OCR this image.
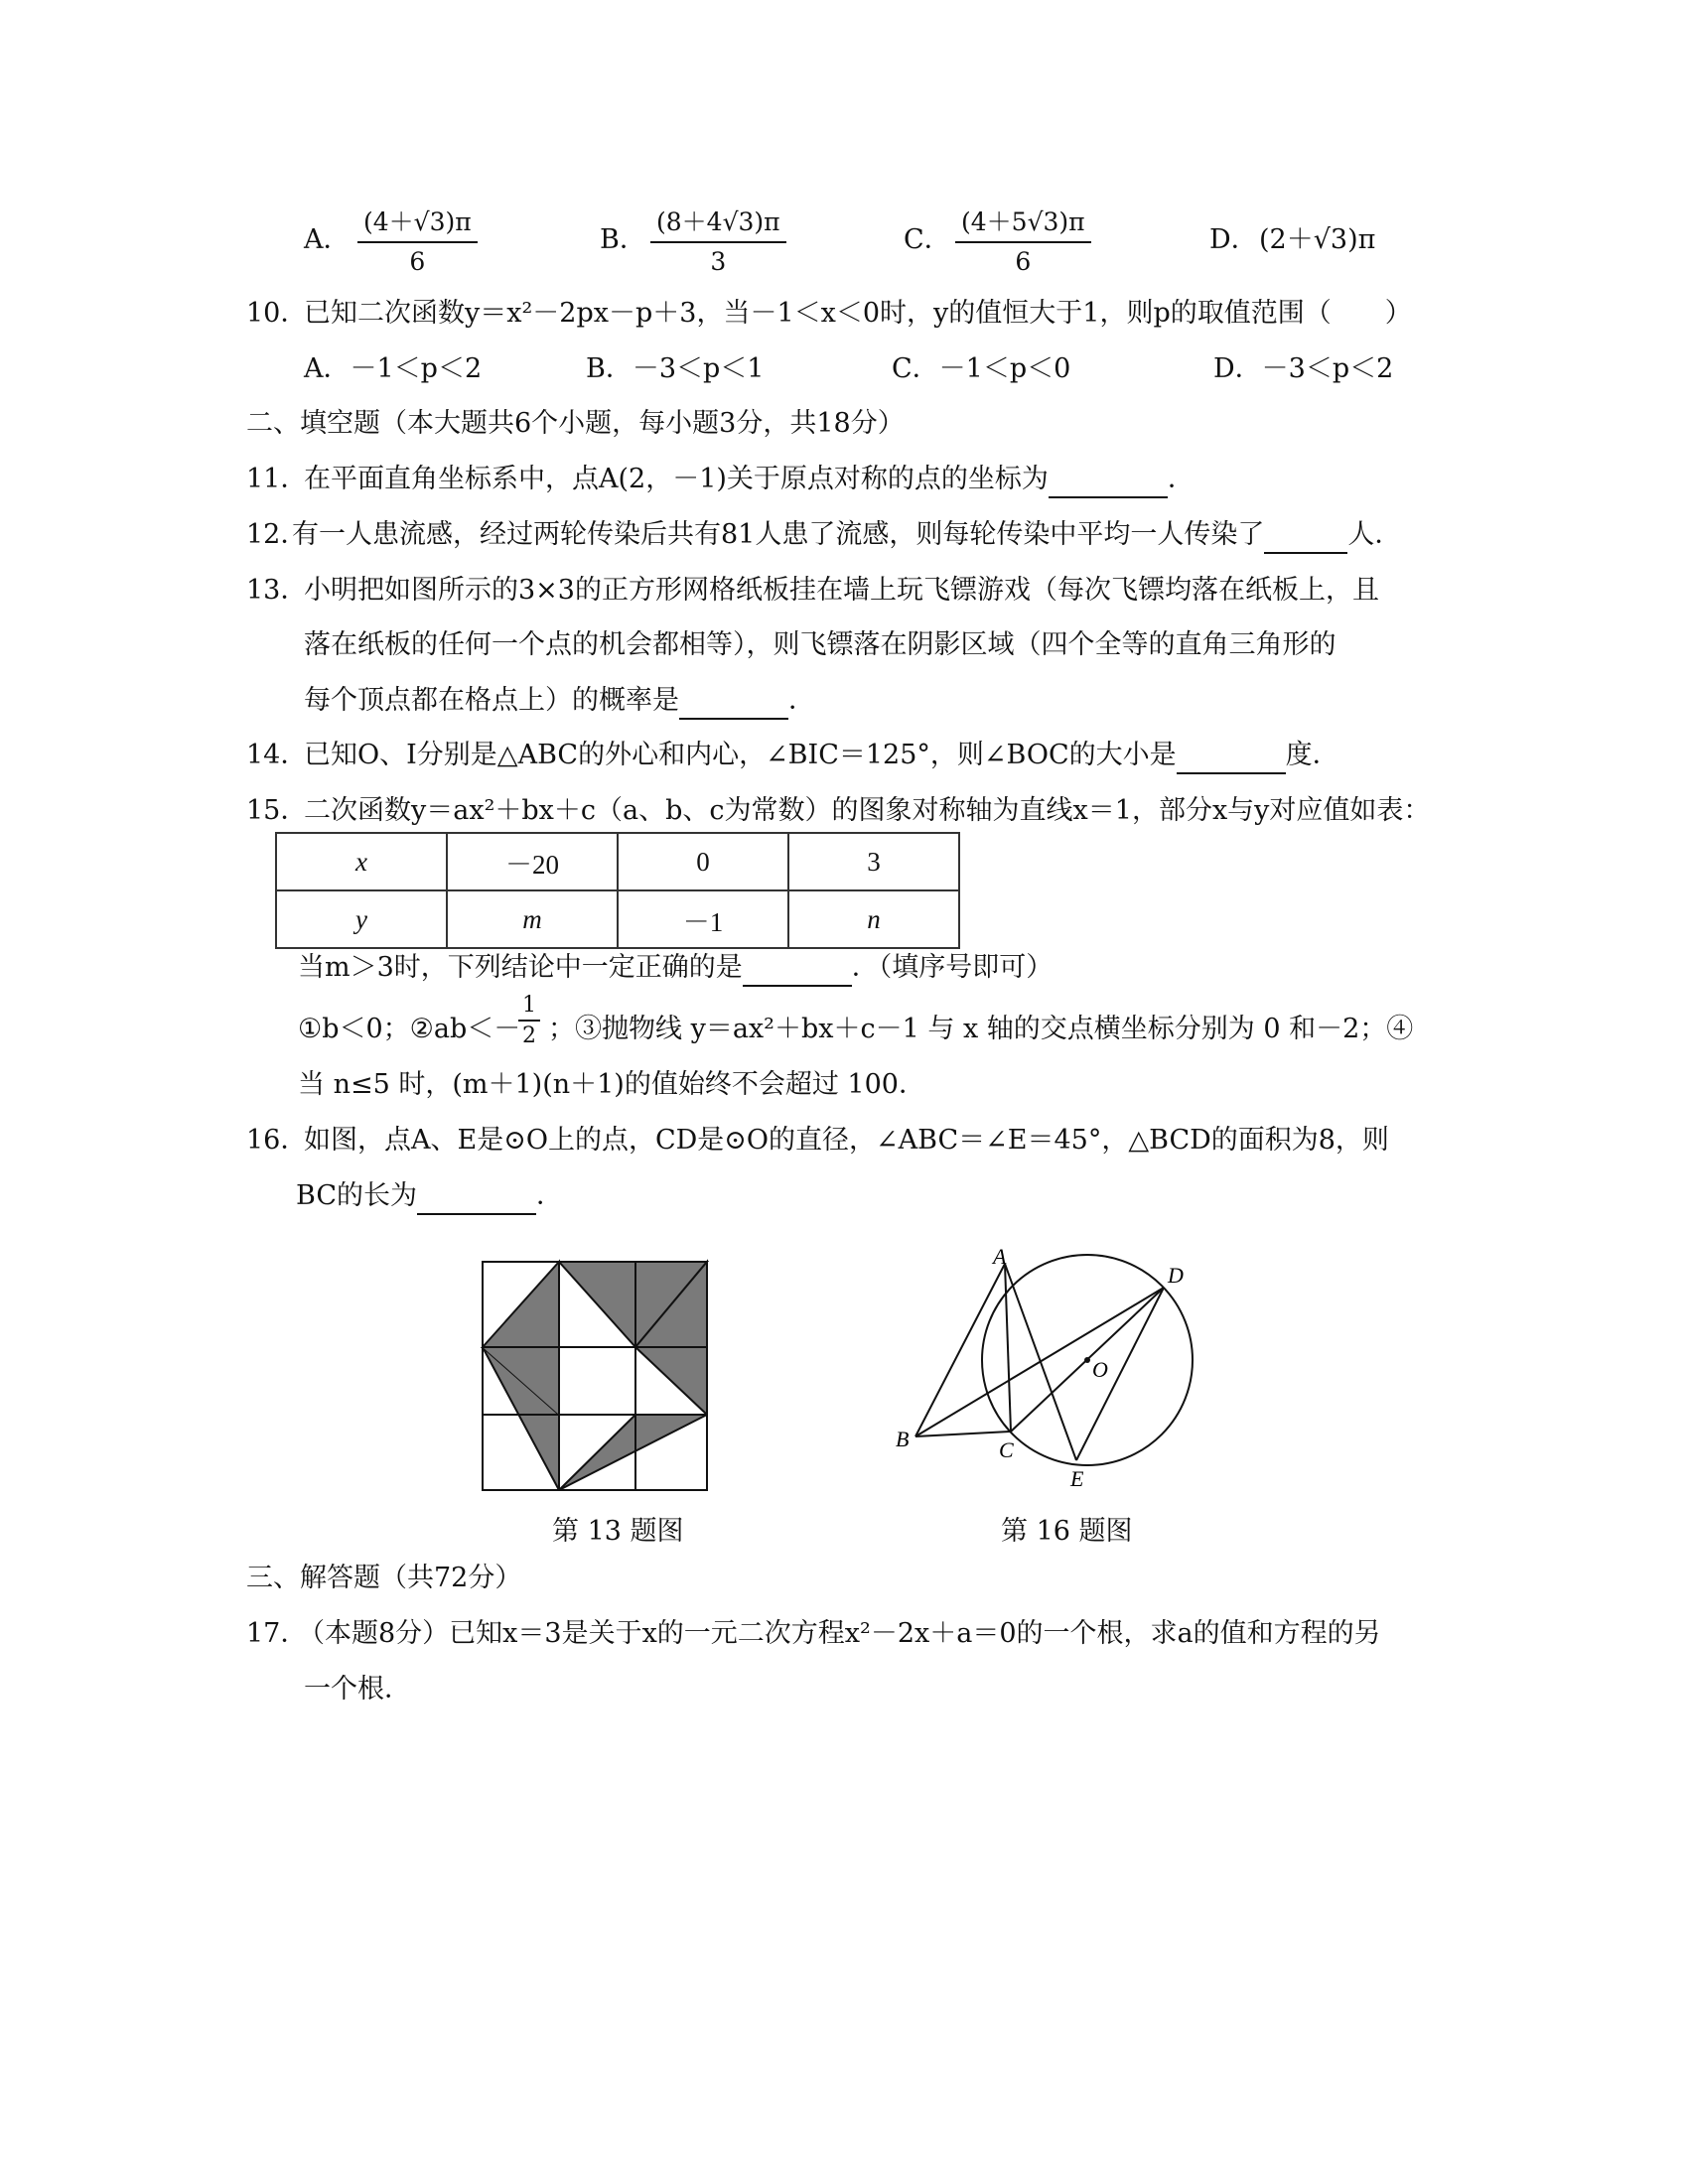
A． $\frac{(4+√3)\pi}{6}$	B． $\frac{(8+4√3)\pi}{3}$	C． $\frac{(4+5√3)\pi}{6}$	D． (2＋√3)π
10．
已知二次函数y＝x²－2px－p＋3，当－1＜x＜0时，y的值恒大于1，则p的取值范围（　　）
A．－1＜p＜2	B．－3＜p＜1	C．－1＜p＜0	D．－3＜p＜2
二、填空题（本大题共6个小题，每小题3分，共18分）
11．
在平面直角坐标系中，点A(2，－1)关于原点对称的点的坐标为	．
12．
有一人患流感，经过两轮传染后共有81人患了流感，则每轮传染中平均一人传染了	人．
13．
小明把如图所示的3×3的正方形网格纸板挂在墙上玩飞镖游戏（每次飞镖均落在纸板上，且
落在纸板的任何一个点的机会都相等），则飞镖落在阴影区域（四个全等的直角三角形的
每个顶点都在格点上）的概率是	．
14．
已知O、I分别是△ABC的外心和内心，∠BIC＝125°，则∠BOC的大小是	度．
15．
二次函数y＝ax²＋bx＋c（a、b、c为常数）的图象对称轴为直线x＝1，部分x与y对应值如表：
x	－20	0	3
y	m	－1	n
当m＞3时，下列结论中一定正确的是	．（填序号即可）
①b＜0；②ab＜－
$\frac{1}{2}$ ；③抛物线 y＝ax²＋bx＋c－1 与 x 轴的交点横坐标分别为 0 和－2；④
当 n≤5 时，(m＋1)(n＋1)的值始终不会超过 100．
16．
如图，点A、E是⊙O上的点，CD是⊙O的直径，∠ABC＝∠E＝45°，△BCD的面积为8，则
BC的长为	．
第 13 题图
A
D
O
B	C
E
第 16 题图
三、解答题（共72分）
17．
（本题8分）已知x＝3是关于x的一元二次方程x²－2x＋a＝0的一个根，求a的值和方程的另
一个根．
